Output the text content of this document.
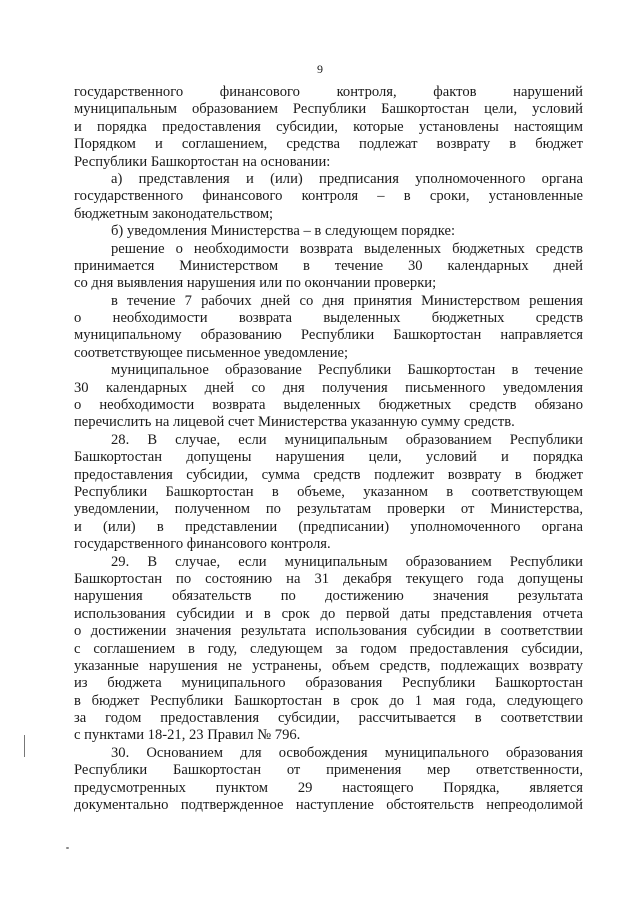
9
государственного финансового контроля, фактов нарушений
муниципальным образованием Республики Башкортостан цели, условий
и порядка предоставления субсидии, которые установлены настоящим
Порядком и соглашением, средства подлежат возврату в бюджет
Республики Башкортостан на основании:
а) представления и (или) предписания уполномоченного органа
государственного финансового контроля – в сроки, установленные
бюджетным законодательством;
б) уведомления Министерства – в следующем порядке:
решение о необходимости возврата выделенных бюджетных средств
принимается Министерством в течение 30 календарных дней
со дня выявления нарушения или по окончании проверки;
в течение 7 рабочих дней со дня принятия Министерством решения
о необходимости возврата выделенных бюджетных средств
муниципальному образованию Республики Башкортостан направляется
соответствующее письменное уведомление;
муниципальное образование Республики Башкортостан в течение
30 календарных дней со дня получения письменного уведомления
о необходимости возврата выделенных бюджетных средств обязано
перечислить на лицевой счет Министерства указанную сумму средств.
28. В случае, если муниципальным образованием Республики
Башкортостан допущены нарушения цели, условий и порядка
предоставления субсидии, сумма средств подлежит возврату в бюджет
Республики Башкортостан в объеме, указанном в соответствующем
уведомлении, полученном по результатам проверки от Министерства,
и (или) в представлении (предписании) уполномоченного органа
государственного финансового контроля.
29. В случае, если муниципальным образованием Республики
Башкортостан по состоянию на 31 декабря текущего года допущены
нарушения обязательств по достижению значения результата
использования субсидии и в срок до первой даты представления отчета
о достижении значения результата использования субсидии в соответствии
с соглашением в году, следующем за годом предоставления субсидии,
указанные нарушения не устранены, объем средств, подлежащих возврату
из бюджета муниципального образования Республики Башкортостан
в бюджет Республики Башкортостан в срок до 1 мая года, следующего
за годом предоставления субсидии, рассчитывается в соответствии
с пунктами 18-21, 23 Правил № 796.
30. Основанием для освобождения муниципального образования
Республики Башкортостан от применения мер ответственности,
предусмотренных пунктом 29 настоящего Порядка, является
документально подтвержденное наступление обстоятельств непреодолимой
